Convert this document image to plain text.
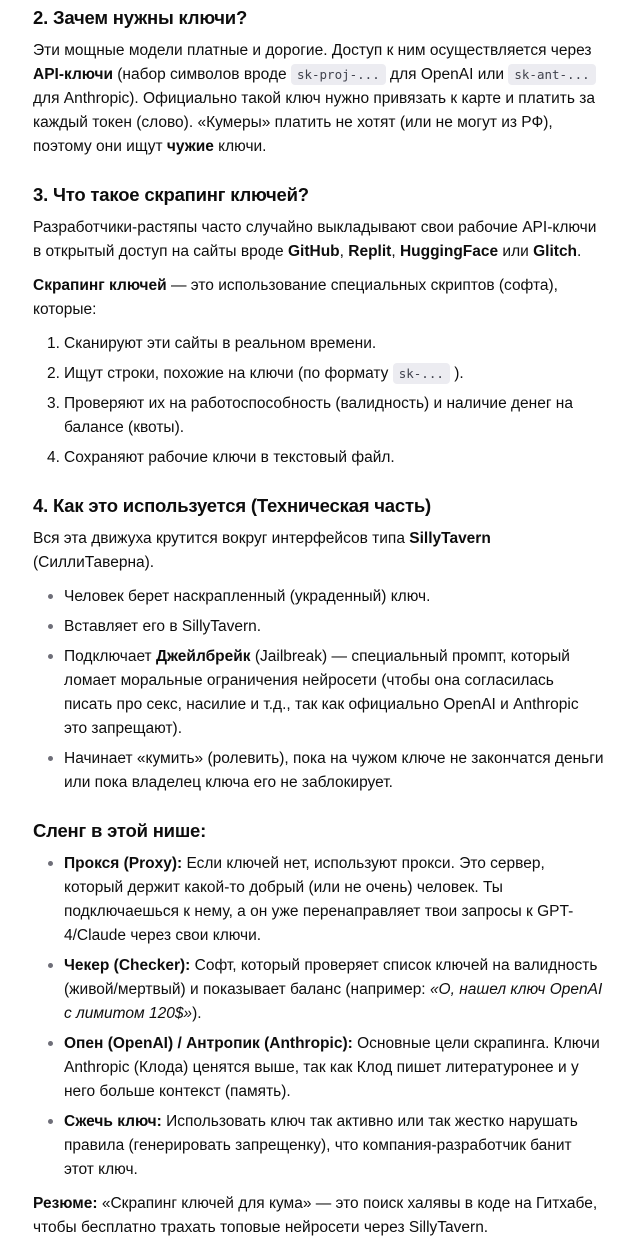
2. Зачем нужны ключи?

Эти мощные модели платные и дорогие. Доступ к ним осуществляется через API-ключи (набор символов вроде sk-proj-... для OpenAI или sk-ant-... для Anthropic). Официально такой ключ нужно привязать к карте и платить за каждый токен (слово). «Кумеры» платить не хотят (или не могут из РФ), поэтому они ищут чужие ключи.

3. Что такое скрапинг ключей?

Разработчики-растяпы часто случайно выкладывают свои рабочие API-ключи в открытый доступ на сайты вроде GitHub, Replit, HuggingFace или Glitch.

Скрапинг ключей — это использование специальных скриптов (софта), которые:

1. Сканируют эти сайты в реальном времени.
2. Ищут строки, похожие на ключи (по формату sk-... ).
3. Проверяют их на работоспособность (валидность) и наличие денег на балансе (квоты).
4. Сохраняют рабочие ключи в текстовый файл.
4. Как это используется (Техническая часть)

Вся эта движуха крутится вокруг интерфейсов типа SillyTavern (СиллиТаверна).

Человек берет наскрапленный (украденный) ключ.
Вставляет его в SillyTavern.
Подключает Джейлбрейк (Jailbreak) — специальный промпт, который ломает моральные ограничения нейросети (чтобы она согласилась писать про секс, насилие и т.д., так как официально OpenAI и Anthropic это запрещают).
Начинает «кумить» (ролевить), пока на чужом ключе не закончатся деньги или пока владелец ключа его не заблокирует.
Сленг в этой нише:
Прокся (Proxy): Если ключей нет, используют прокси. Это сервер, который держит какой-то добрый (или не очень) человек. Ты подключаешься к нему, а он уже перенаправляет твои запросы к GPT-4/Claude через свои ключи.
Чекер (Checker): Софт, который проверяет список ключей на валидность (живой/мертвый) и показывает баланс (например: «О, нашел ключ OpenAI с лимитом 120$»).
Опен (OpenAI) / Антропик (Anthropic): Основные цели скрапинга. Ключи Anthropic (Клода) ценятся выше, так как Клод пишет литературонее и у него больше контекст (память).
Сжечь ключ: Использовать ключ так активно или так жестко нарушать правила (генерировать запрещенку), что компания-разработчик банит этот ключ.

Резюме: «Скрапинг ключей для кума» — это поиск халявы в коде на Гитхабе, чтобы бесплатно трахать топовые нейросети через SillyTavern.
